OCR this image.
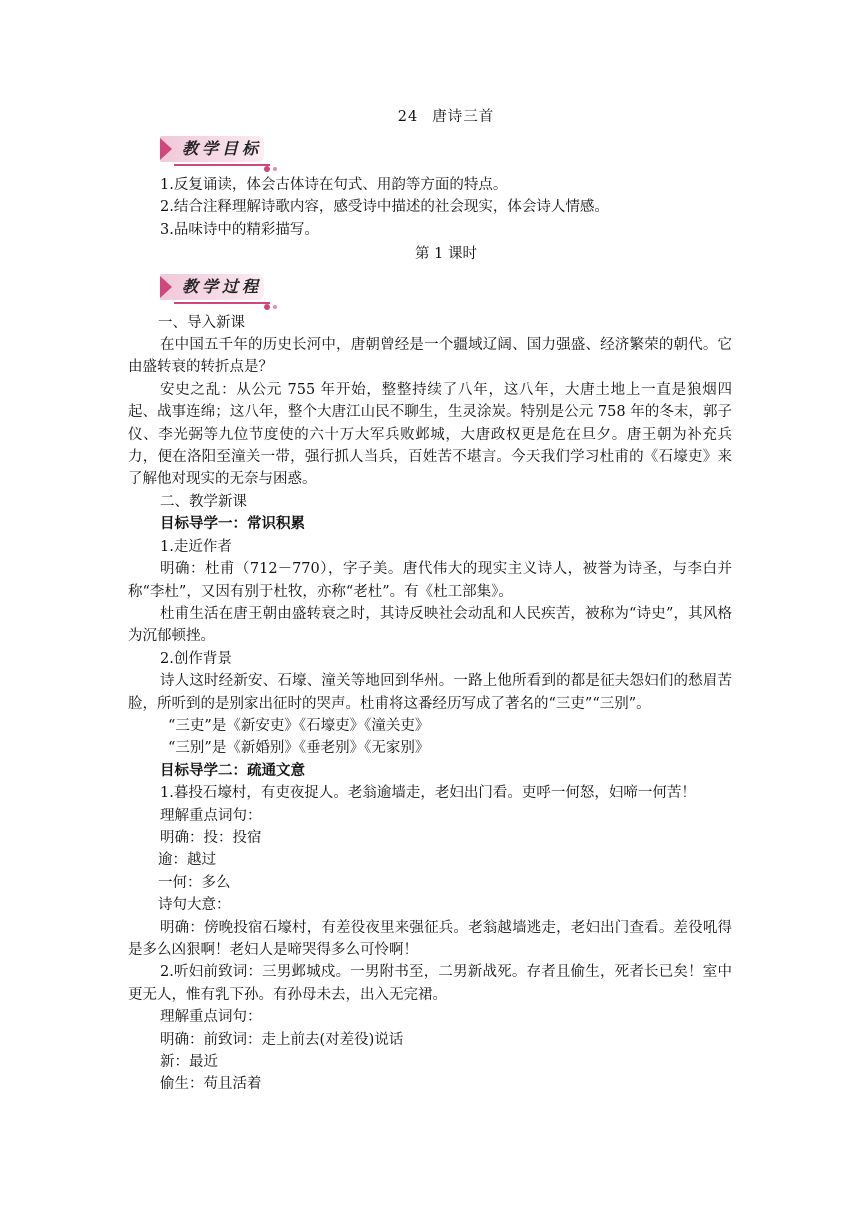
24 唐诗三首
教学目标

1.反复诵读，体会古体诗在句式、用韵等方面的特点。

2.结合注释理解诗歌内容，感受诗中描述的社会现实，体会诗人情感。

3.品味诗中的精彩描写。

第 1 课时

教学过程

一、导入新课

在中国五千年的历史长河中，唐朝曾经是一个疆域辽阔、国力强盛、经济繁荣的朝代。它由盛转衰的转折点是？

安史之乱：从公元 755 年开始，整整持续了八年，这八年，大唐土地上一直是狼烟四起、战事连绵；这八年，整个大唐江山民不聊生，生灵涂炭。特别是公元 758 年的冬末，郭子仪、李光弼等九位节度使的六十万大军兵败邺城，大唐政权更是危在旦夕。唐王朝为补充兵力，便在洛阳至潼关一带，强行抓人当兵，百姓苦不堪言。今天我们学习杜甫的《石壕吏》来了解他对现实的无奈与困惑。

二、教学新课

目标导学一：常识积累

1.走近作者

明确：杜甫（712－770），字子美。唐代伟大的现实主义诗人，被誉为诗圣，与李白并称“李杜”，又因有别于杜牧，亦称“老杜”。有《杜工部集》。

杜甫生活在唐王朝由盛转衰之时，其诗反映社会动乱和人民疾苦，被称为“诗史”，其风格为沉郁顿挫。

2.创作背景

诗人这时经新安、石壕、潼关等地回到华州。一路上他所看到的都是征夫怨妇们的愁眉苦脸，所听到的是别家出征时的哭声。杜甫将这番经历写成了著名的“三吏”“三别”。

“三吏”是《新安吏》《石壕吏》《潼关吏》

“三别”是《新婚别》《垂老别》《无家别》

目标导学二：疏通文意

1.暮投石壕村，有吏夜捉人。老翁逾墙走，老妇出门看。吏呼一何怒，妇啼一何苦！

理解重点词句：

明确：投：投宿

逾：越过

一何：多么

诗句大意：

明确：傍晚投宿石壕村，有差役夜里来强征兵。老翁越墙逃走，老妇出门查看。差役吼得是多么凶狠啊！老妇人是啼哭得多么可怜啊！

2.听妇前致词：三男邺城戍。一男附书至，二男新战死。存者且偷生，死者长已矣！室中更无人，惟有乳下孙。有孙母未去，出入无完裙。

理解重点词句：

明确：前致词：走上前去(对差役)说话

新：最近

偷生：苟且活着
